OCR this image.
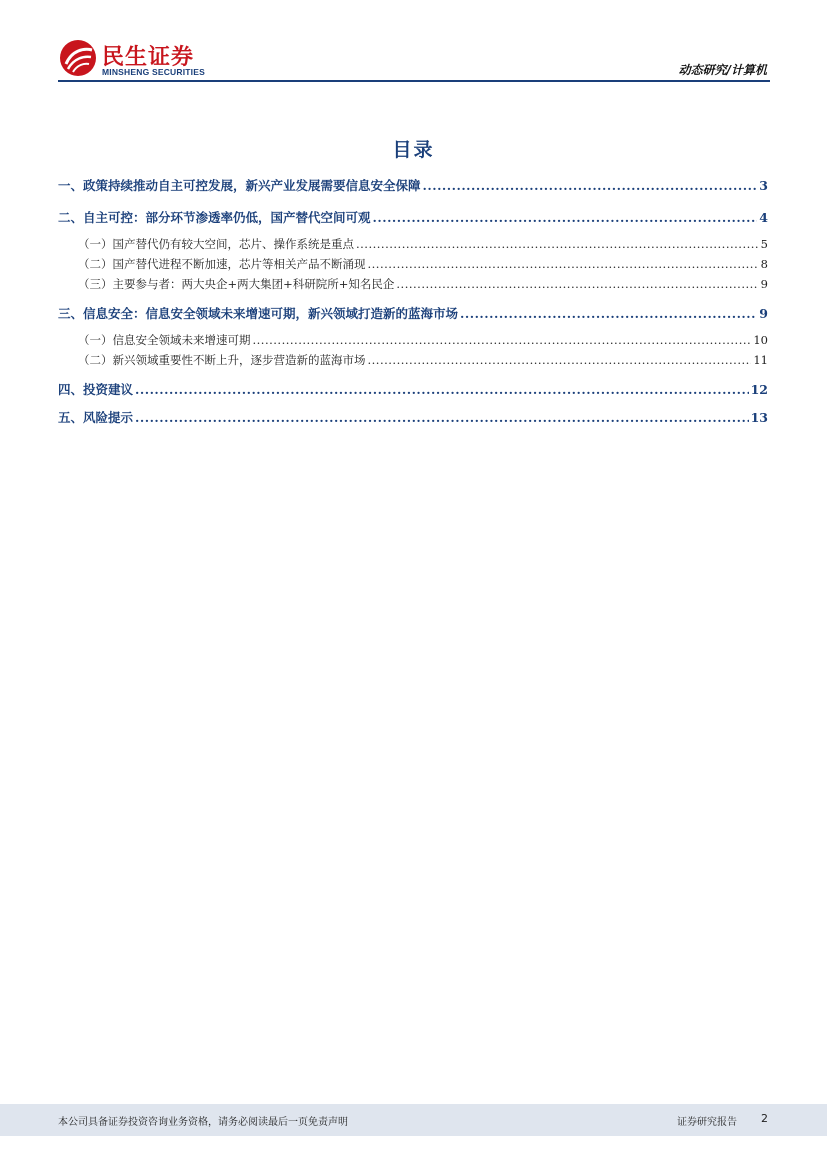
民生证券
MINSHENG SECURITIES	动态研究/计算机
目录
一、政策持续推动自主可控发展，新兴产业发展需要信息安全保障 .....	3
二、自主可控：部分环节渗透率仍低，国产替代空间可观 .....	4
（一）国产替代仍有较大空间，芯片、操作系统是重点 .....	5
（二）国产替代进程不断加速，芯片等相关产品不断涌现 .....	8
（三）主要参与者：两大央企+两大集团+科研院所+知名民企 .....	9
三、信息安全：信息安全领域未来增速可期，新兴领域打造新的蓝海市场 .....	9
（一）信息安全领域未来增速可期 .....	10
（二）新兴领域重要性不断上升，逐步营造新的蓝海市场 .....	11
四、投资建议 .....	12
五、风险提示 .....	13
本公司具备证券投资咨询业务资格，请务必阅读最后一页免责声明	证券研究报告 2
